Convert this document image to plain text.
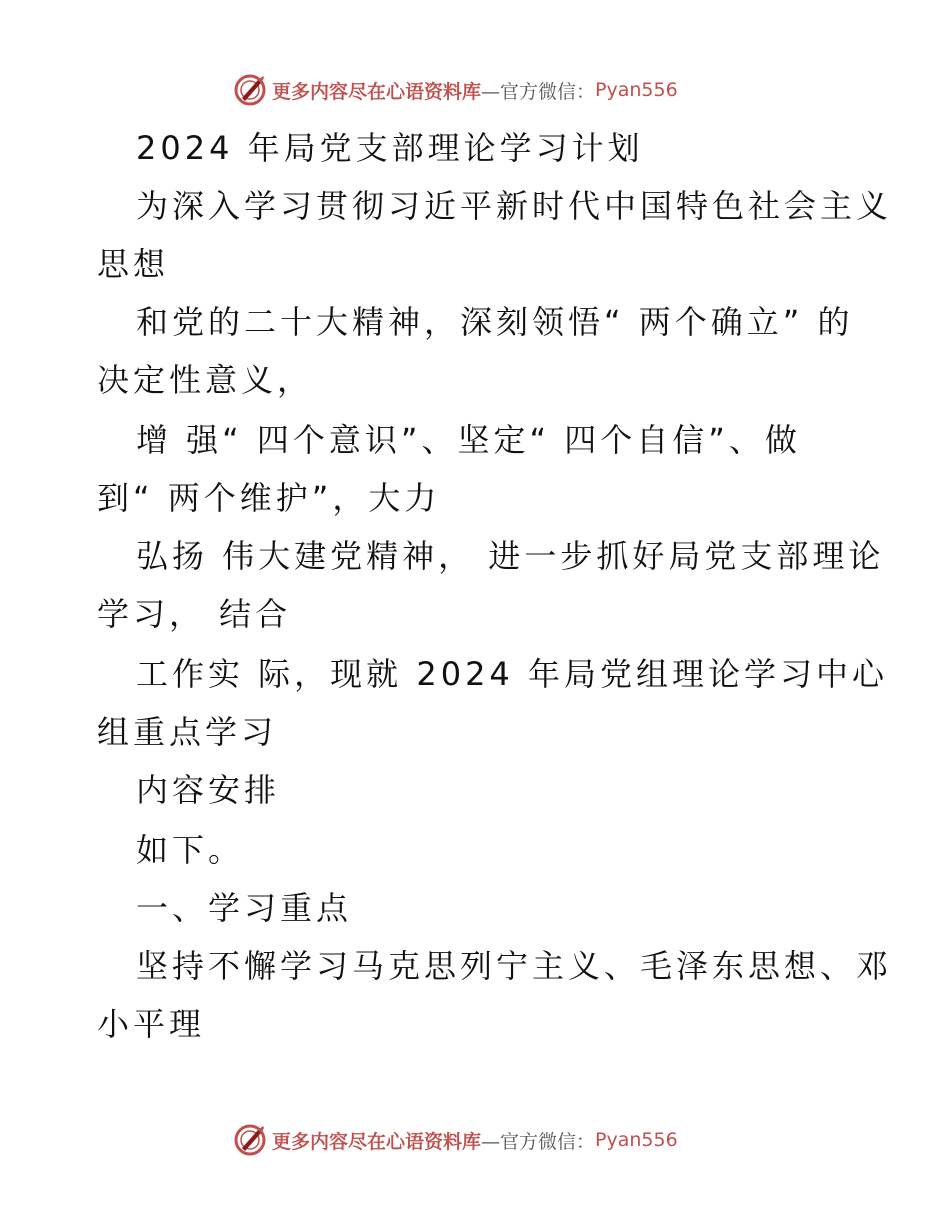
更多内容尽在心语资料库 —官方微信： Pyan556
2024 年局党支部理论学习计划
为深入学习贯彻习近平新时代中国特色社会主义
思想
和党的二十大精神，深刻领悟“ 两个确立” 的
决定性意义，
增 强“ 四个意识”、坚定“ 四个自信”、做
到“ 两个维护”，大力
弘扬 伟大建党精神， 进一步抓好局党支部理论
学习， 结合
工作实 际，现就 2024 年局党组理论学习中心
组重点学习
内容安排
如下。
一、学习重点
坚持不懈学习马克思列宁主义、毛泽东思想、邓
小平理
更多内容尽在心语资料库 —官方微信： Pyan556
